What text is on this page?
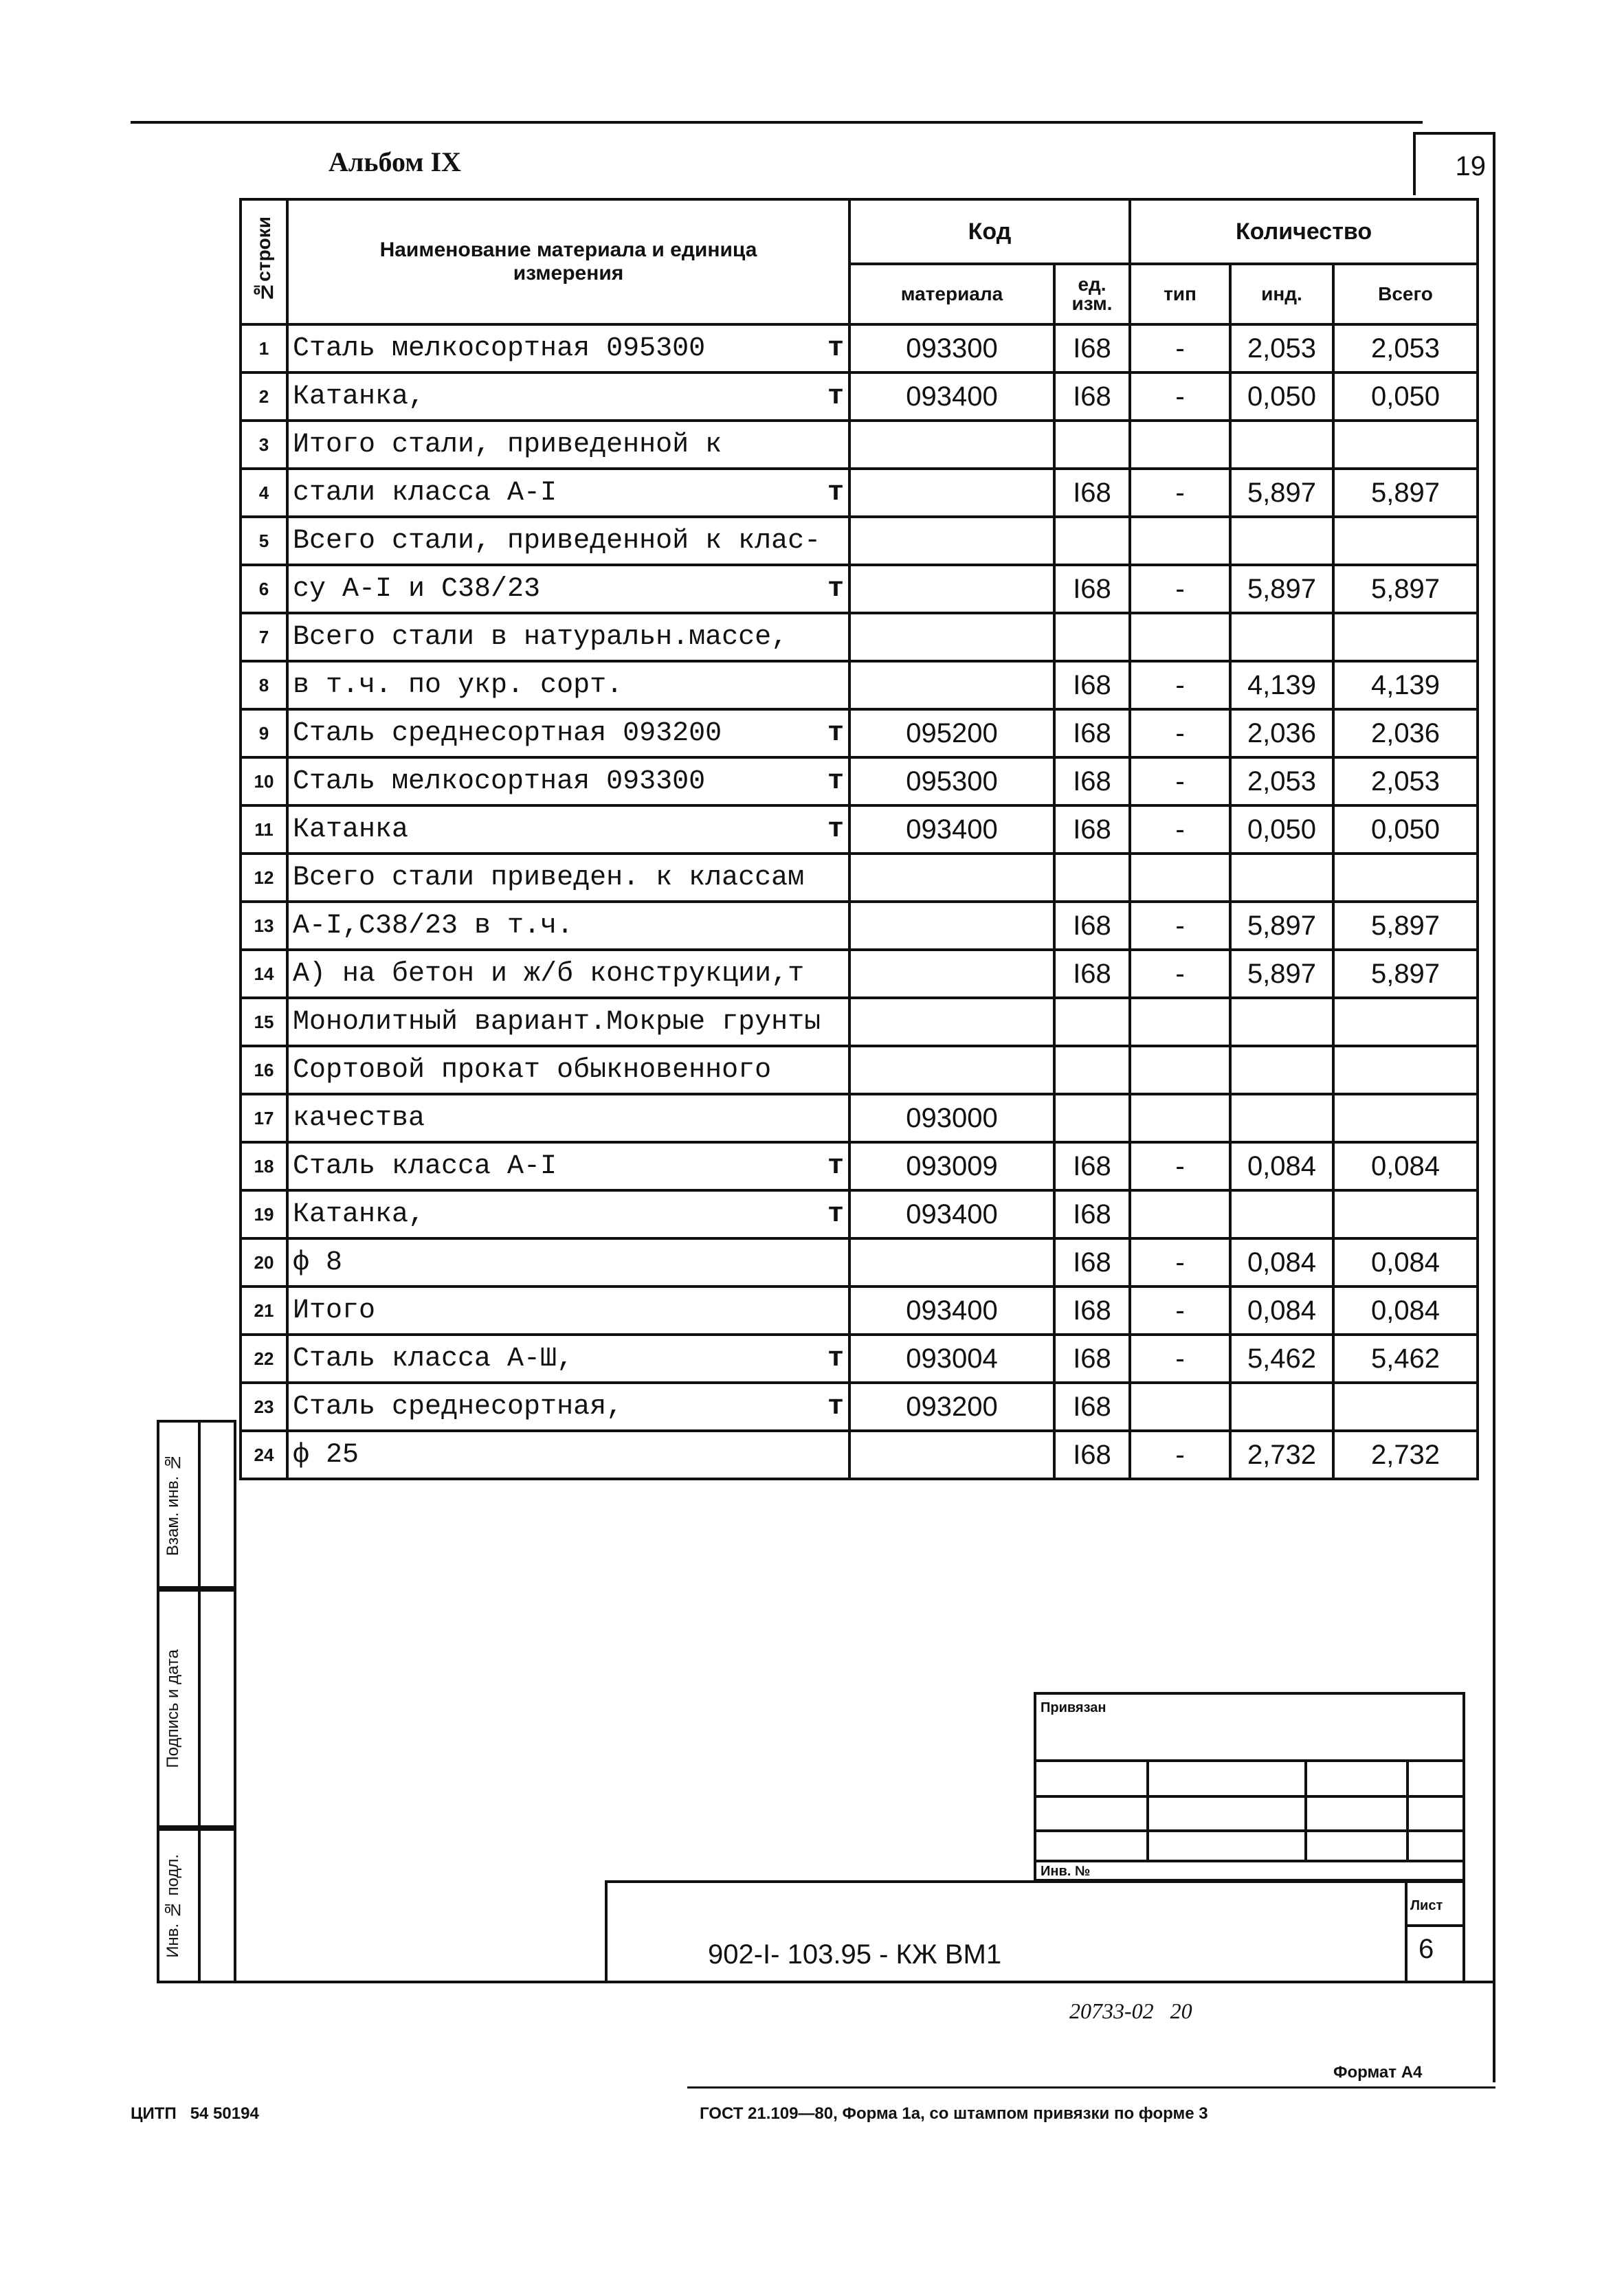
Альбом IX	19
№строки	Наименование материала и единица измерения	Код		Количество		
		материала	ед. изм.	тип	инд.	Всего
1	Сталь мелкосортная 095300 т	093300	I68	-	2,053	2,053
2	Катанка, т	093400	I68	-	0,050	0,050
3	Итого стали, приведенной к

4	стали класса А-I т		I68	-	5,897	5,897
5	Всего стали, приведенной к клас-

6	су А-I и С38/23 т		I68	-	5,897	5,897
7	Всего стали в натуральн.массе,

8	в т.ч. по укр. сорт.		I68	-	4,139	4,139
9	Сталь среднесортная 093200 т	095200	I68	-	2,036	2,036
10	Сталь мелкосортная 093300 т	095300	I68	-	2,053	2,053
11	Катанка т	093400	I68	-	0,050	0,050
12	Всего стали приведен. к классам

13	А-I,С38/23 в т.ч.		I68	-	5,897	5,897
14	А) на бетон и ж/б конструкции,т		I68	-	5,897	5,897
15	Монолитный вариант.Мокрые грунты

16	Сортовой прокат обыкновенного

17	качества	093000				
18	Сталь класса А-I т	093009	I68	-	0,084	0,084
19	Катанка, т	093400	I68			
20	ф 8		I68	-	0,084	0,084
21	Итого	093400	I68	-	0,084	0,084
22	Сталь класса А-Ш, т	093004	I68	-	5,462	5,462
23	Сталь среднесортная, т	093200	I68			
24	ф 25		I68	-	2,732	2,732
Взам. инв. №
Подпись и дата
Инв. № подл.
Привязан
Инв. №
Лист
6
902-I- 103.95 - КЖ ВМ1
20733-02   20
Формат А4
ЦИТП   54 50194	ГОСТ 21.109—80, Форма 1а, со штампом привязки по форме 3
